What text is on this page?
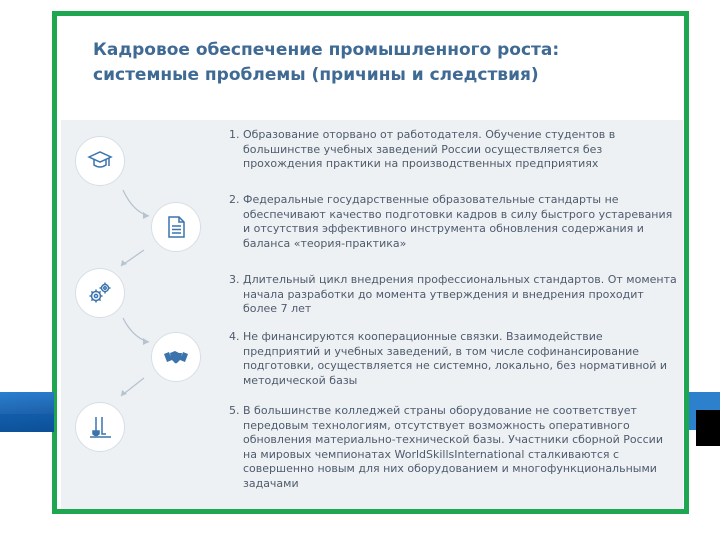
Кадровое обеспечение промышленного роста:
системные проблемы (причины и следствия)

1. Образование оторвано от работодателя. Обучение студентов в

большинстве учебных заведений России осуществляется без

прохождения практики на производственных предприятиях

2. Федеральные государственные образовательные стандарты не

обеспечивают качество подготовки кадров в силу быстрого устаревания

и отсутствия эффективного инструмента обновления содержания и

баланса «теория-практика»

3. Длительный цикл внедрения профессиональных стандартов. От момента

начала разработки до момента утверждения и внедрения проходит

более 7 лет

4. Не финансируются кооперационные связки. Взаимодействие

предприятий и учебных заведений, в том числе софинансирование

подготовки, осуществляется не системно, локально, без нормативной и

методической базы

5. В большинстве колледжей страны оборудование не соответствует

передовым технологиям, отсутствует возможность оперативного

обновления материально-технической базы. Участники сборной России

на мировых чемпионатах WorldSkillsInternational сталкиваются с

совершенно новым для них оборудованием и многофункциональными

задачами
